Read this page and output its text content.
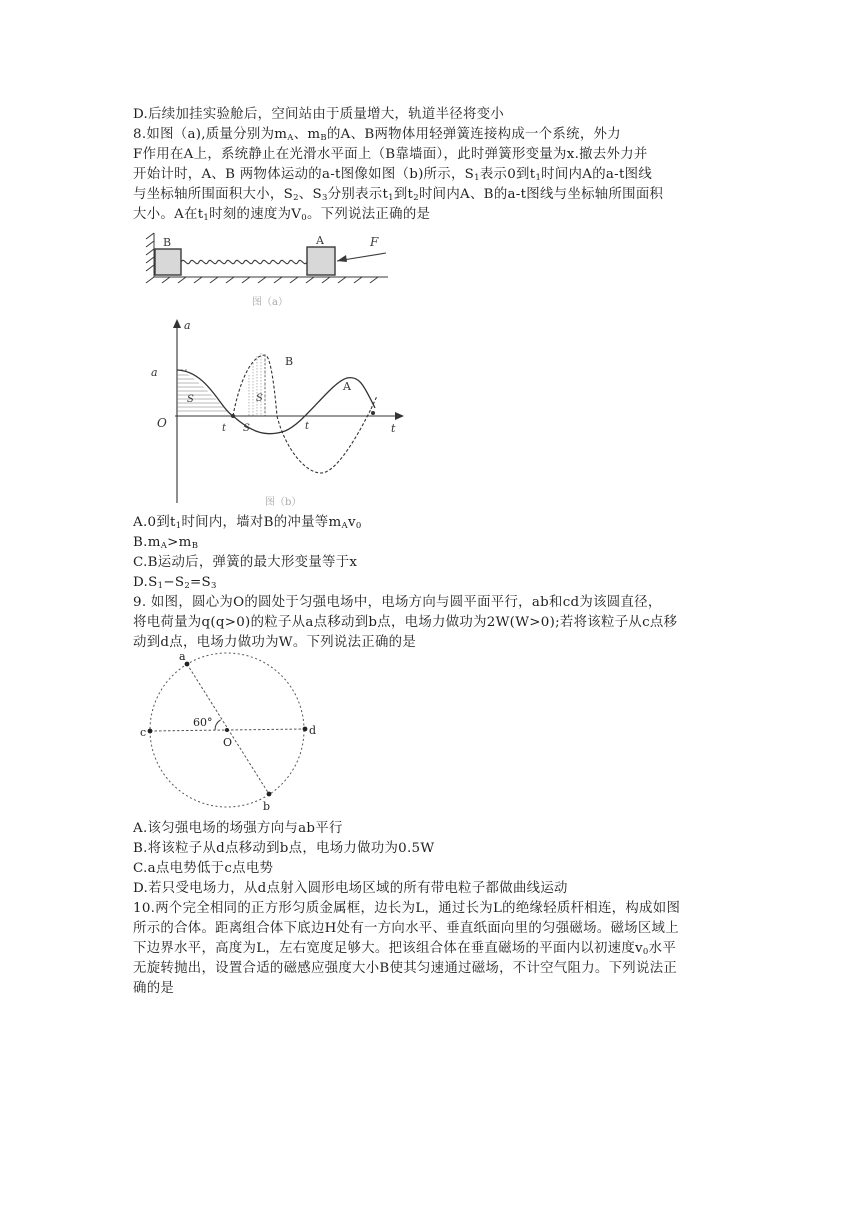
D.后续加挂实验舱后，空间站由于质量增大，轨道半径将变小

8.如图（a),质量分别为$m_A$、$m_B$的A、B两物体用轻弹簧连接构成一个系统，外力

F作用在A上，系统静止在光滑水平面上（B靠墙面），此时弹簧形变量为x.撤去外力并

开始计时，A、B 两物体运动的a-t图像如图（b)所示，$S_1$表示0到$t_1$时间内A的a-t图线

与坐标轴所围面积大小，$S_2$、$S_3$分别表示$t_1$到$t_2$时间内A、B的a-t图线与坐标轴所围面积

大小。A在$t_1$时刻的速度为$V_0$。下列说法正确的是

B	A	F
图（a）
a
t
O
a
t	t
B
A
S
S
S
图（b）

A.0到$t_1$时间内，墙对B的冲量等$m_Av_0$

$B.m_A>m_B$

C.B运动后，弹簧的最大形变量等于x

$D.S_1-S_2=S_3$

9. 如图，圆心为O的圆处于匀强电场中，电场方向与圆平面平行，ab和cd为该圆直径，

将电荷量为q(q>0)的粒子从a点移动到b点，电场力做功为2W(W>0);若将该粒子从c点移

动到d点，电场力做功为W。下列说法正确的是

a
b
c	d
O
60°

A.该匀强电场的场强方向与ab平行

B.将该粒子从d点移动到b点，电场力做功为0.5W

C.a点电势低于c点电势

D.若只受电场力，从d点射入圆形电场区域的所有带电粒子都做曲线运动

10.两个完全相同的正方形匀质金属框，边长为L，通过长为L的绝缘轻质杆相连，构成如图

所示的合体。距离组合体下底边H处有一方向水平、垂直纸面向里的匀强磁场。磁场区域上

下边界水平，高度为L，左右宽度足够大。把该组合体在垂直磁场的平面内以初速度$v_0$水平

无旋转抛出，设置合适的磁感应强度大小B使其匀速通过磁场，不计空气阻力。下列说法正

确的是
